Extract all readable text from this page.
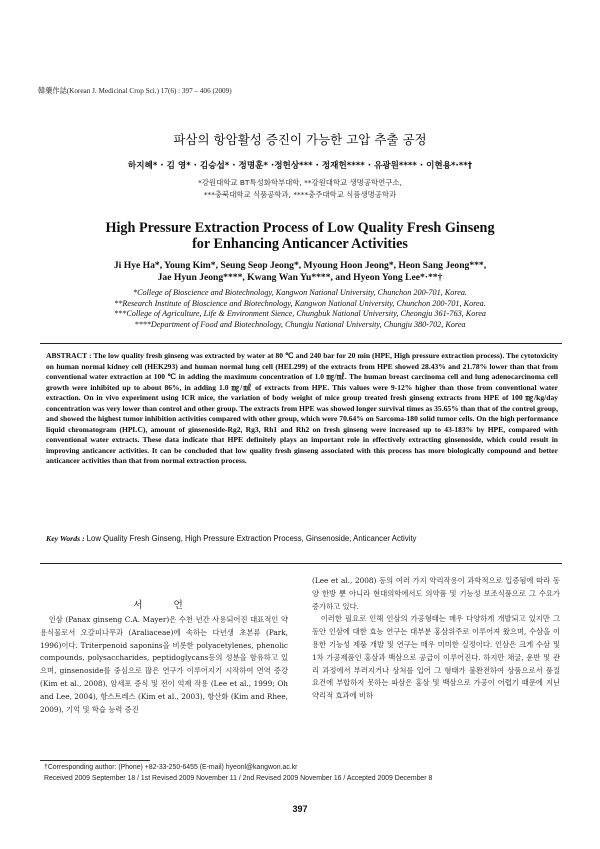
韓藥作誌(Korean J. Medicinal Crop Sci.) 17(6) : 397 – 406 (2009)
파삼의 항암활성 증진이 가능한 고압 추출 공정
하지혜* · 김 영* · 김승섭* · 정명훈* ·정헌상*** · 정재헌**** · 유광원**** · 이현용*·**†
*강원대학교 BT특성화학부대학, **강원대학교 생명공학연구소,
***충북대학교 식품공학과, ****충주대학교 식품생명공학과
High Pressure Extraction Process of Low Quality Fresh Ginseng
for Enhancing Anticancer Activities
Ji Hye Ha*, Young Kim*, Seung Seop Jeong*, Myoung Hoon Jeong*, Heon Sang Jeong***,
Jae Hyun Jeong****, Kwang Wan Yu****, and Hyeon Yong Lee*·**†
*College of Bioscience and Biotechnology, Kangwon National University, Chunchon 200-701, Korea.
**Research Institute of Bioscience and Biotechnology, Kangwon National University, Chunchon 200-701, Korea.
***College of Agriculture, Life & Environment Sience, Chungbuk National University, Cheongju 361-763, Korea
****Department of Food and Biotechnology, Chungju National University, Chungju 380-702, Korea
ABSTRACT : The low quality fresh ginseng was extracted by water at 80 ℃ and 240 bar for 20 min (HPE, High pressure extraction process). The cytotoxicity on human normal kidney cell (HEK293) and human normal lung cell (HEL299) of the extracts from HPE showed 28.43% and 21.78% lower than that from conventional water extraction at 100 ℃ in adding the maximum concentration of 1.0 ㎎/㎖. The human breast carcinoma cell and lung adenocarcinoma cell growth were inhibited up to about 86%, in adding 1.0 ㎎/㎖ of extracts from HPE. This values were 9-12% higher than those from conventional water extraction. On in vivo experiment using ICR mice, the variation of body weight of mice group treated fresh ginseng extracts from HPE of 100 ㎎/kg/day concentration was very lower than control and other group. The extracts from HPE was showed longer survival times as 35.65% than that of the control group, and showed the highest tumor inhibition activities compared with other group, which were 70.64% on Sarcoma-180 solid tumor cells. On the high performance liquid chromatogram (HPLC), amount of ginsenoside-Rg2, Rg3, Rh1 and Rh2 on fresh ginseng were increased up to 43-183% by HPE, compared with conventional water extracts. These data indicate that HPE definitely plays an important role in effectively extracting ginsenoside, which could result in improving anticancer activities. It can be concluded that low quality fresh ginseng associated with this process has more biologically compound and better anticancer activities than that from normal extraction process.
Key Words : Low Quality Fresh Ginseng, High Pressure Extraction Process, Ginsenoside, Anticancer Activity
서 언

인삼 (Panax ginseng C.A. Mayer)은 수천 년간 사용되어진 대표적인 약용식물로서 오갈피나무과 (Araliaceae)에 속하는 다년생 초본류 (Park, 1996)이다. Triterpenoid saponins을 비롯한 polyacetylenes, phenolic compounds, polysaccharides, peptidoglycans등의 성분을 함유하고 있으며, ginsenoside를 중심으로 많은 연구가 이루어지기 시작하여 면역 증강 (Kim et al., 2008), 암세포 증식 및 전이 억제 작용 (Lee et al., 1999; Oh and Lee, 2004), 항스트레스 (Kim et al., 2003), 항산화 (Kim and Rhee, 2009), 기억 및 학습 능력 증진

(Lee et al., 2008) 등의 여러 가지 약리작용이 과학적으로 입증됨에 따라 동양 한방 뿐 아니라 현대의학에서도 의약품 및 기능성 보조식품으로 그 수요가 증가하고 있다.

이러한 필요로 인해 인삼의 가공형태는 매우 다양하게 개발되고 있지만 그 동안 인삼에 대한 효능 연구는 대부분 홍삼위주로 이루어져 왔으며, 수삼을 이용한 기능성 제품 개발 및 연구는 매우 미미한 실정이다. 인삼은 크게 수삼 및 1차 가공제품인 홍삼과 백삼으로 공급이 이루어진다. 하지만 채굴, 운반 및 관리 과정에서 부러지거나 상처를 입어 그 형태가 불완전하여 상품으로서 품질 요건에 부합하지 못하는 파삼은 홍삼 및 백삼으로 가공이 어렵기 때문에 지닌 약리적 효과에 비하

†Corresponding author: (Phone) +82-33-250-6455 (E-mail) hyeonl@kangwon.ac.kr
Received 2009 September 18 / 1st Revised 2009 November 11 / 2nd Revised 2009 November 16 / Accepted 2009 December 8
397
